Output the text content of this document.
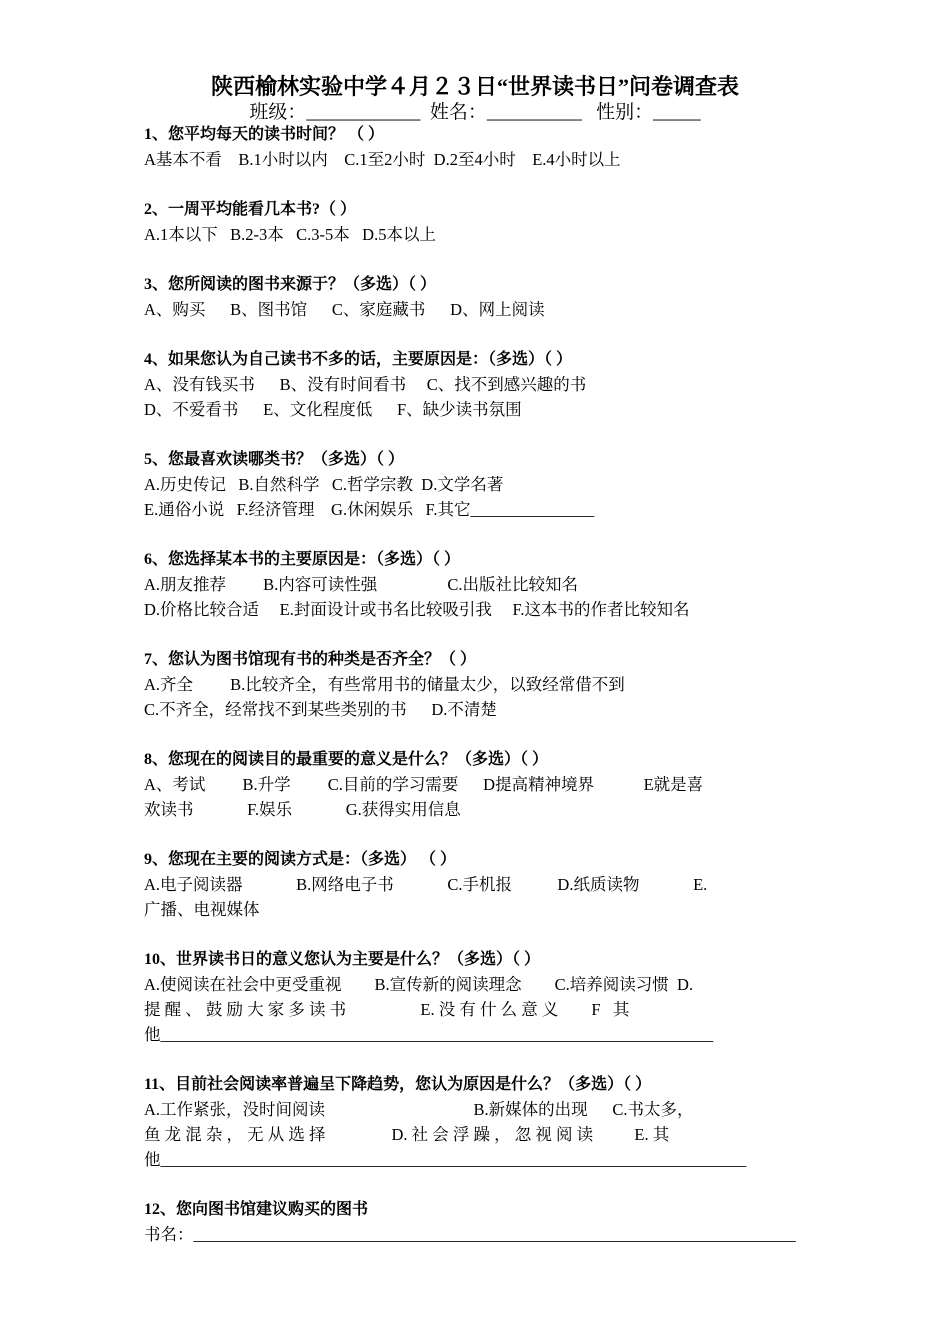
陕西榆林实验中学４月２３日“世界读书日”问卷调查表
班级：____________  姓名：__________   性别：_____
1、您平均每天的读书时间？ （ ）
A基本不看    B.1小时以内    C.1至2小时  D.2至4小时    E.4小时以上
2、一周平均能看几本书?（ ）
A.1本以下   B.2-3本   C.3-5本   D.5本以上
3、您所阅读的图书来源于？（多选）（ ）
A、购买      B、图书馆      C、家庭藏书      D、网上阅读
4、如果您认为自己读书不多的话，主要原因是：（多选）（ ）
A、没有钱买书      B、没有时间看书     C、找不到感兴趣的书
D、不爱看书      E、文化程度低      F、缺少读书氛围
5、您最喜欢读哪类书？（多选）（ ）
A.历史传记   B.自然科学   C.哲学宗教  D.文学名著
E.通俗小说   F.经济管理    G.休闲娱乐   F.其它_______________
6、您选择某本书的主要原因是：（多选）（ ）
A.朋友推荐         B.内容可读性强                 C.出版社比较知名
D.价格比较合适     E.封面设计或书名比较吸引我     F.这本书的作者比较知名
7、您认为图书馆现有书的种类是否齐全？（ ）
A.齐全         B.比较齐全，有些常用书的储量太少，以致经常借不到
C.不齐全，经常找不到某些类别的书      D.不清楚
8、您现在的阅读目的最重要的意义是什么？（多选）（ ）
A、考试         B.升学         C.目前的学习需要      D提高精神境界            E就是喜
欢读书             F.娱乐             G.获得实用信息
9、您现在主要的阅读方式是：（多选） （ ）
A.电子阅读器             B.网络电子书             C.手机报           D.纸质读物             E.
广播、电视媒体
10、世界读书日的意义您认为主要是什么？（多选）（ ）
A.使阅读在社会中更受重视        B.宣传新的阅读理念        C.培养阅读习惯  D.
提 醒 、 鼓 励 大 家 多 读 书                  E. 没 有 什 么 意 义        F   其
他___________________________________________________________________
11、目前社会阅读率普遍呈下降趋势，您认为原因是什么？（多选）（ ）
A.工作紧张，没时间阅读                                    B.新媒体的出现      C.书太多，
鱼 龙 混 杂 ， 无 从 选 择                D. 社 会 浮 躁 ， 忽 视 阅 读          E. 其
他_______________________________________________________________________
12、您向图书馆建议购买的图书
书名：_________________________________________________________________________
